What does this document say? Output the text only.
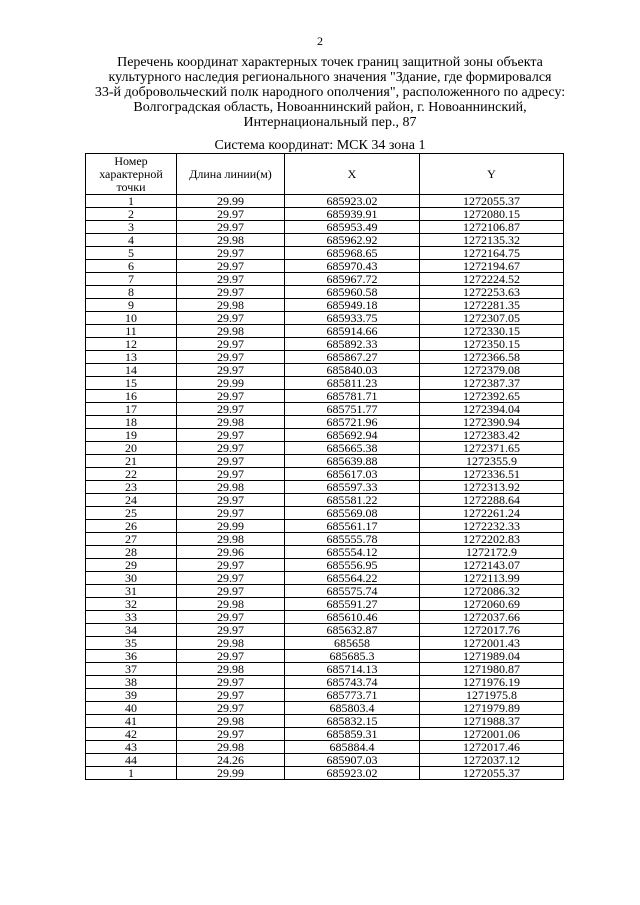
2
Перечень координат характерных точек границ защитной зоны объекта
культурного наследия регионального значения "Здание, где формировался
33-й добровольческий полк народного ополчения", расположенного по адресу:
Волгоградская область, Новоаннинский район, г. Новоаннинский,
Интернациональный пер., 87
Система координат: МСК 34 зона 1
Номер характерной точки	Длина линии(м)	X	Y
1	29.99	685923.02	1272055.37
2	29.97	685939.91	1272080.15
3	29.97	685953.49	1272106.87
4	29.98	685962.92	1272135.32
5	29.97	685968.65	1272164.75
6	29.97	685970.43	1272194.67
7	29.97	685967.72	1272224.52
8	29.97	685960.58	1272253.63
9	29.98	685949.18	1272281.35
10	29.97	685933.75	1272307.05
11	29.98	685914.66	1272330.15
12	29.97	685892.33	1272350.15
13	29.97	685867.27	1272366.58
14	29.97	685840.03	1272379.08
15	29.99	685811.23	1272387.37
16	29.97	685781.71	1272392.65
17	29.97	685751.77	1272394.04
18	29.98	685721.96	1272390.94
19	29.97	685692.94	1272383.42
20	29.97	685665.38	1272371.65
21	29.97	685639.88	1272355.9
22	29.97	685617.03	1272336.51
23	29.98	685597.33	1272313.92
24	29.97	685581.22	1272288.64
25	29.97	685569.08	1272261.24
26	29.99	685561.17	1272232.33
27	29.98	685555.78	1272202.83
28	29.96	685554.12	1272172.9
29	29.97	685556.95	1272143.07
30	29.97	685564.22	1272113.99
31	29.97	685575.74	1272086.32
32	29.98	685591.27	1272060.69
33	29.97	685610.46	1272037.66
34	29.97	685632.87	1272017.76
35	29.98	685658	1272001.43
36	29.97	685685.3	1271989.04
37	29.98	685714.13	1271980.87
38	29.97	685743.74	1271976.19
39	29.97	685773.71	1271975.8
40	29.97	685803.4	1271979.89
41	29.98	685832.15	1271988.37
42	29.97	685859.31	1272001.06
43	29.98	685884.4	1272017.46
44	24.26	685907.03	1272037.12
1	29.99	685923.02	1272055.37
